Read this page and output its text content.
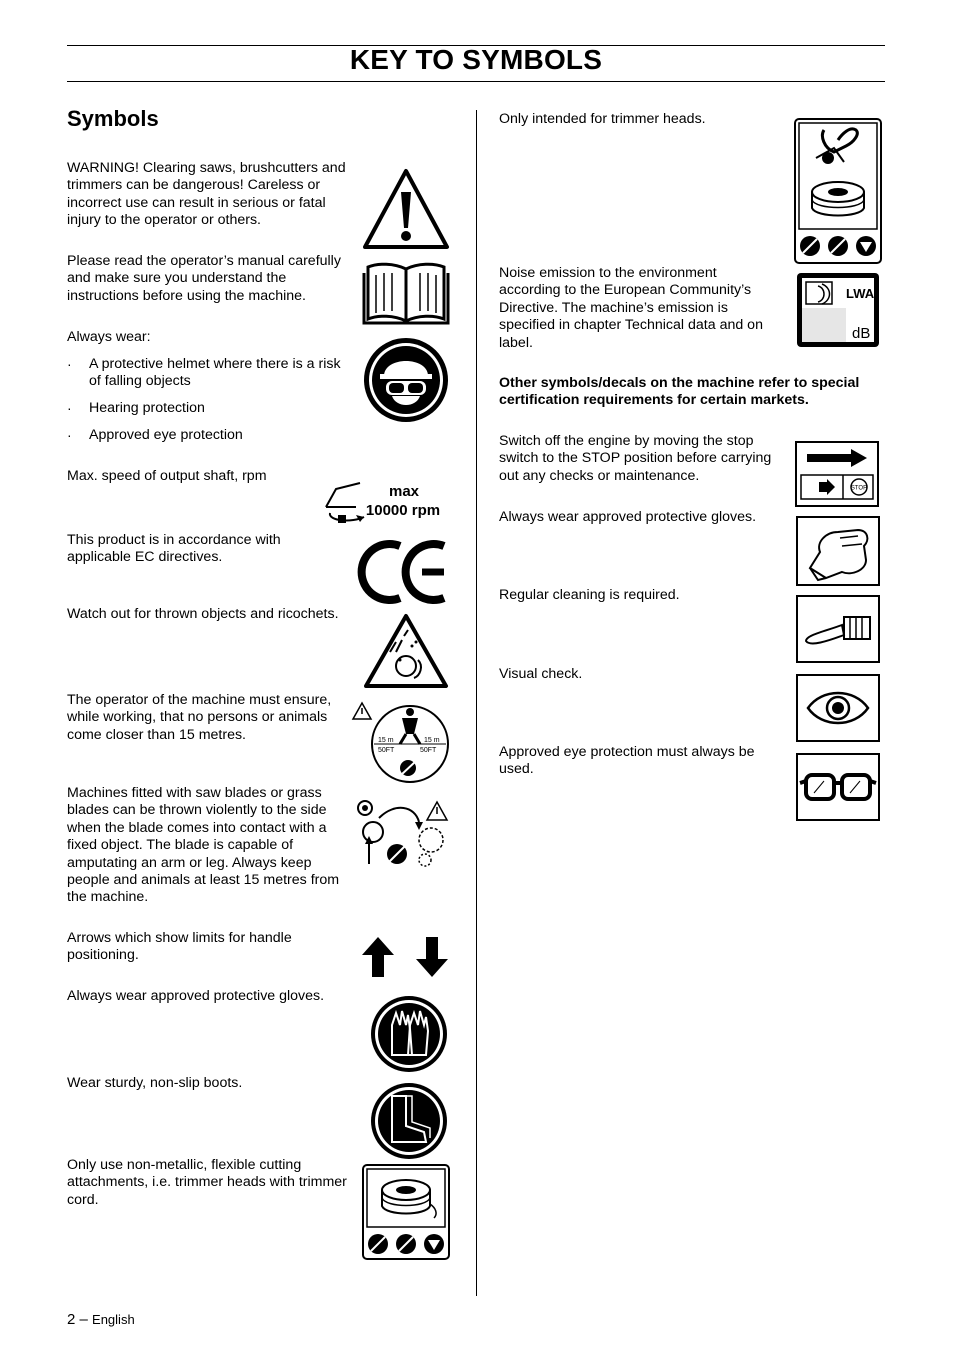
KEY TO SYMBOLS
Symbols

WARNING! Clearing saws, brushcutters and trimmers can be dangerous! Careless or incorrect use can result in serious or fatal injury to the operator or others.

Please read the operator’s manual carefully and make sure you understand the instructions before using the machine.

Always wear:

· A protective helmet where there is a risk of falling objects

· Hearing protection

· Approved eye protection

Max. speed of output shaft, rpm

This product is in accordance with applicable EC directives.

Watch out for thrown objects and ricochets.

The operator of the machine must ensure, while working, that no persons or animals come closer than 15 metres.

Machines fitted with saw blades or grass blades can be thrown violently to the side when the blade comes into contact with a fixed object. The blade is capable of amputating an arm or leg. Always keep people and animals at least 15 metres from the machine.

Arrows which show limits for handle positioning.

Always wear approved protective gloves.

Wear sturdy, non-slip boots.

Only use non-metallic, flexible cutting attachments, i.e. trimmer heads with trimmer cord.

Only intended for trimmer heads.

Noise emission to the environment according to the European Community’s Directive. The machine’s emission is specified in chapter Technical data and on label.

Other symbols/decals on the machine refer to special certification requirements for certain markets.

Switch off the engine by moving the stop switch to the STOP position before carrying out any checks or maintenance.

Always wear approved protective gloves.

Regular cleaning is required.

Visual check.

Approved eye protection must always be used.

max
10000 rpm
15 m
50FT
15 m
50FT
LWA
dB
STOP
2 – English
